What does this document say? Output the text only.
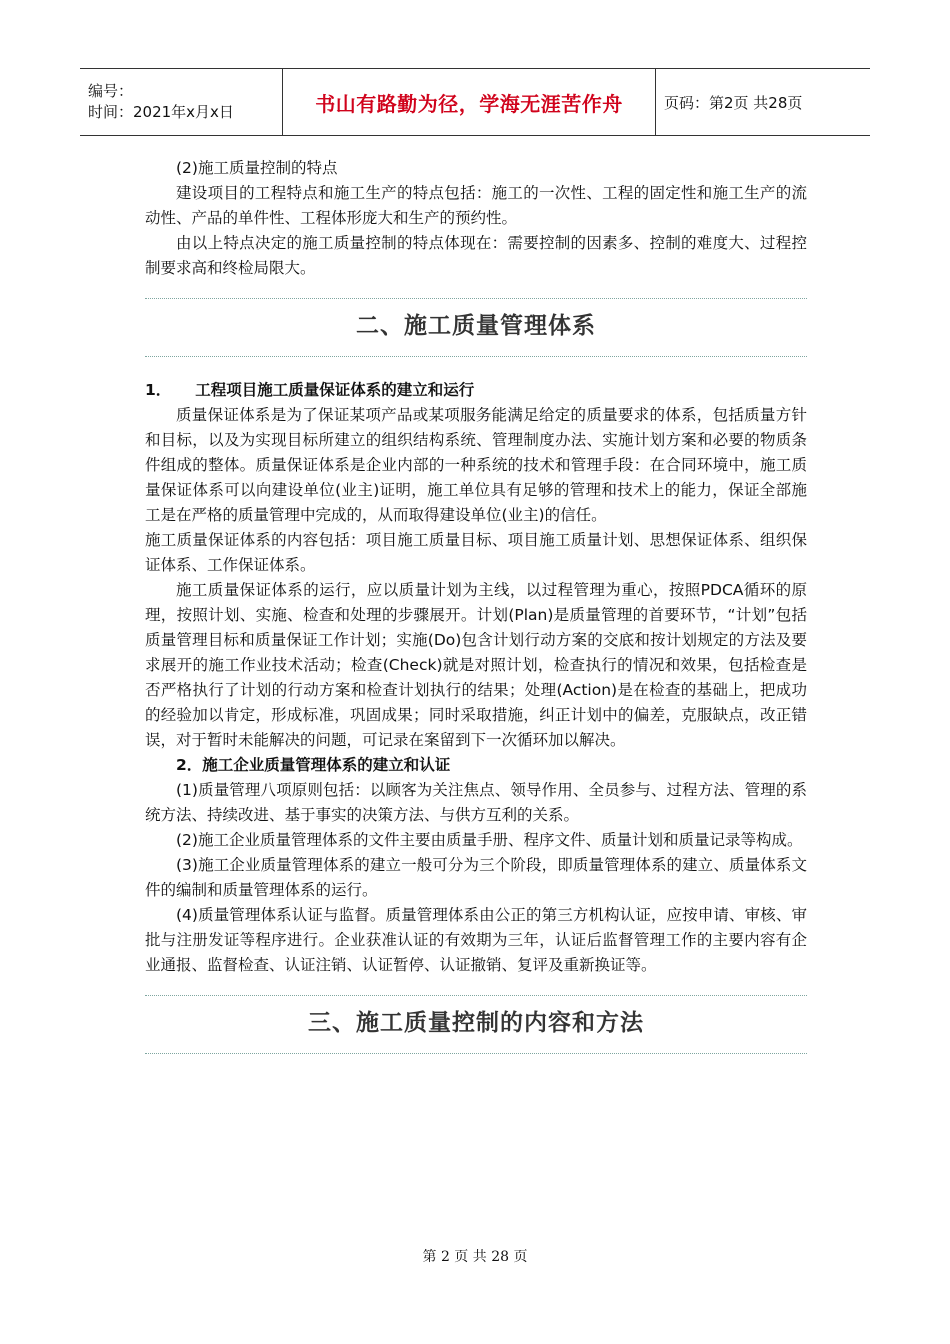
编号：
时间：2021年x月x日	书山有路勤为径，学海无涯苦作舟	页码：第2页 共28页

(2)施工质量控制的特点

建设项目的工程特点和施工生产的特点包括：施工的一次性、工程的固定性和施工生产的流动性、产品的单件性、工程体形庞大和生产的预约性。

由以上特点决定的施工质量控制的特点体现在：需要控制的因素多、控制的难度大、过程控制要求高和终检局限大。

二、施工质量管理体系

1． 工程项目施工质量保证体系的建立和运行

质量保证体系是为了保证某项产品或某项服务能满足给定的质量要求的体系，包括质量方针和目标，以及为实现目标所建立的组织结构系统、管理制度办法、实施计划方案和必要的物质条件组成的整体。质量保证体系是企业内部的一种系统的技术和管理手段：在合同环境中，施工质量保证体系可以向建设单位(业主)证明，施工单位具有足够的管理和技术上的能力，保证全部施工是在严格的质量管理中完成的，从而取得建设单位(业主)的信任。

施工质量保证体系的内容包括：项目施工质量目标、项目施工质量计划、思想保证体系、组织保证体系、工作保证体系。

施工质量保证体系的运行，应以质量计划为主线，以过程管理为重心，按照PDCA循环的原理，按照计划、实施、检查和处理的步骤展开。计划(Plan)是质量管理的首要环节，“计划”包括质量管理目标和质量保证工作计划；实施(Do)包含计划行动方案的交底和按计划规定的方法及要求展开的施工作业技术活动；检查(Check)就是对照计划，检查执行的情况和效果，包括检查是否严格执行了计划的行动方案和检查计划执行的结果；处理(Action)是在检查的基础上，把成功的经验加以肯定，形成标准，巩固成果；同时采取措施，纠正计划中的偏差，克服缺点，改正错误，对于暂时未能解决的问题，可记录在案留到下一次循环加以解决。

2．施工企业质量管理体系的建立和认证

(1)质量管理八项原则包括：以顾客为关注焦点、领导作用、全员参与、过程方法、管理的系统方法、持续改进、基于事实的决策方法、与供方互利的关系。

(2)施工企业质量管理体系的文件主要由质量手册、程序文件、质量计划和质量记录等构成。

(3)施工企业质量管理体系的建立一般可分为三个阶段，即质量管理体系的建立、质量体系文件的编制和质量管理体系的运行。

(4)质量管理体系认证与监督。质量管理体系由公正的第三方机构认证，应按申请、审核、审批与注册发证等程序进行。企业获准认证的有效期为三年，认证后监督管理工作的主要内容有企业通报、监督检查、认证注销、认证暂停、认证撤销、复评及重新换证等。

三、施工质量控制的内容和方法
第 2 页 共 28 页
